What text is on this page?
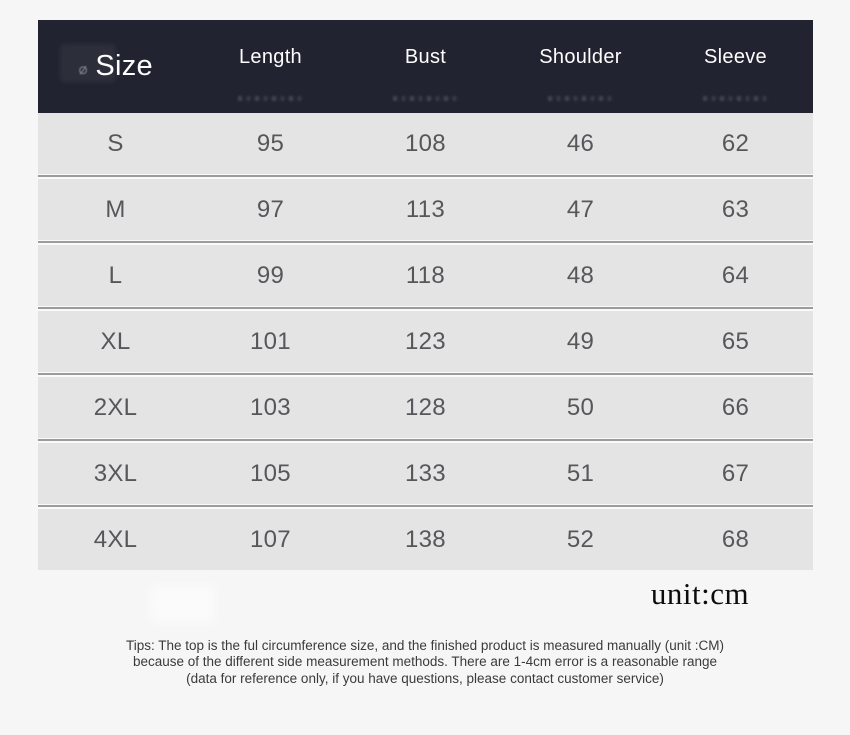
⌀ Size	Length	Bust	Shoulder	Sleeve
S	95	108	46	62
M	97	113	47	63
L	99	118	48	64
XL	101	123	49	65
2XL	103	128	50	66
3XL	105	133	51	67
4XL	107	138	52	68
unit:cm
Tips: The top is the ful circumference size, and the finished product is measured manually (unit :CM)
because of the different side measurement methods. There are 1-4cm error is a reasonable range
(data for reference only, if you have questions, please contact customer service)
